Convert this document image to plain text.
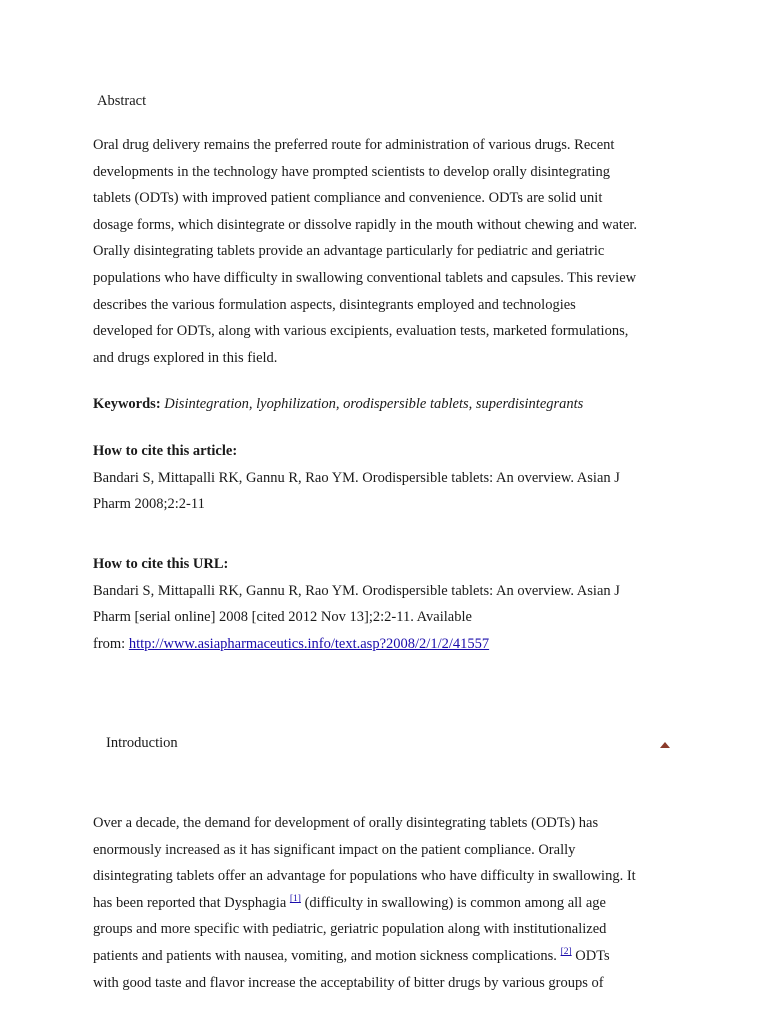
Abstract
Oral drug delivery remains the preferred route for administration of various drugs. Recent
developments in the technology have prompted scientists to develop orally disintegrating
tablets (ODTs) with improved patient compliance and convenience. ODTs are solid unit
dosage forms, which disintegrate or dissolve rapidly in the mouth without chewing and water.
Orally disintegrating tablets provide an advantage particularly for pediatric and geriatric
populations who have difficulty in swallowing conventional tablets and capsules. This review
describes the various formulation aspects, disintegrants employed and technologies
developed for ODTs, along with various excipients, evaluation tests, marketed formulations,
and drugs explored in this field.
Keywords: Disintegration, lyophilization, orodispersible tablets, superdisintegrants
How to cite this article:
Bandari S, Mittapalli RK, Gannu R, Rao YM. Orodispersible tablets: An overview. Asian J
Pharm 2008;2:2-11
How to cite this URL:
Bandari S, Mittapalli RK, Gannu R, Rao YM. Orodispersible tablets: An overview. Asian J
Pharm [serial online] 2008 [cited 2012 Nov 13];2:2-11. Available
from: http://www.asiapharmaceutics.info/text.asp?2008/2/1/2/41557
Introduction
Over a decade, the demand for development of orally disintegrating tablets (ODTs) has
enormously increased as it has significant impact on the patient compliance. Orally
disintegrating tablets offer an advantage for populations who have difficulty in swallowing. It
has been reported that Dysphagia [1] (difficulty in swallowing) is common among all age
groups and more specific with pediatric, geriatric population along with institutionalized
patients and patients with nausea, vomiting, and motion sickness complications. [2] ODTs
with good taste and flavor increase the acceptability of bitter drugs by various groups of
